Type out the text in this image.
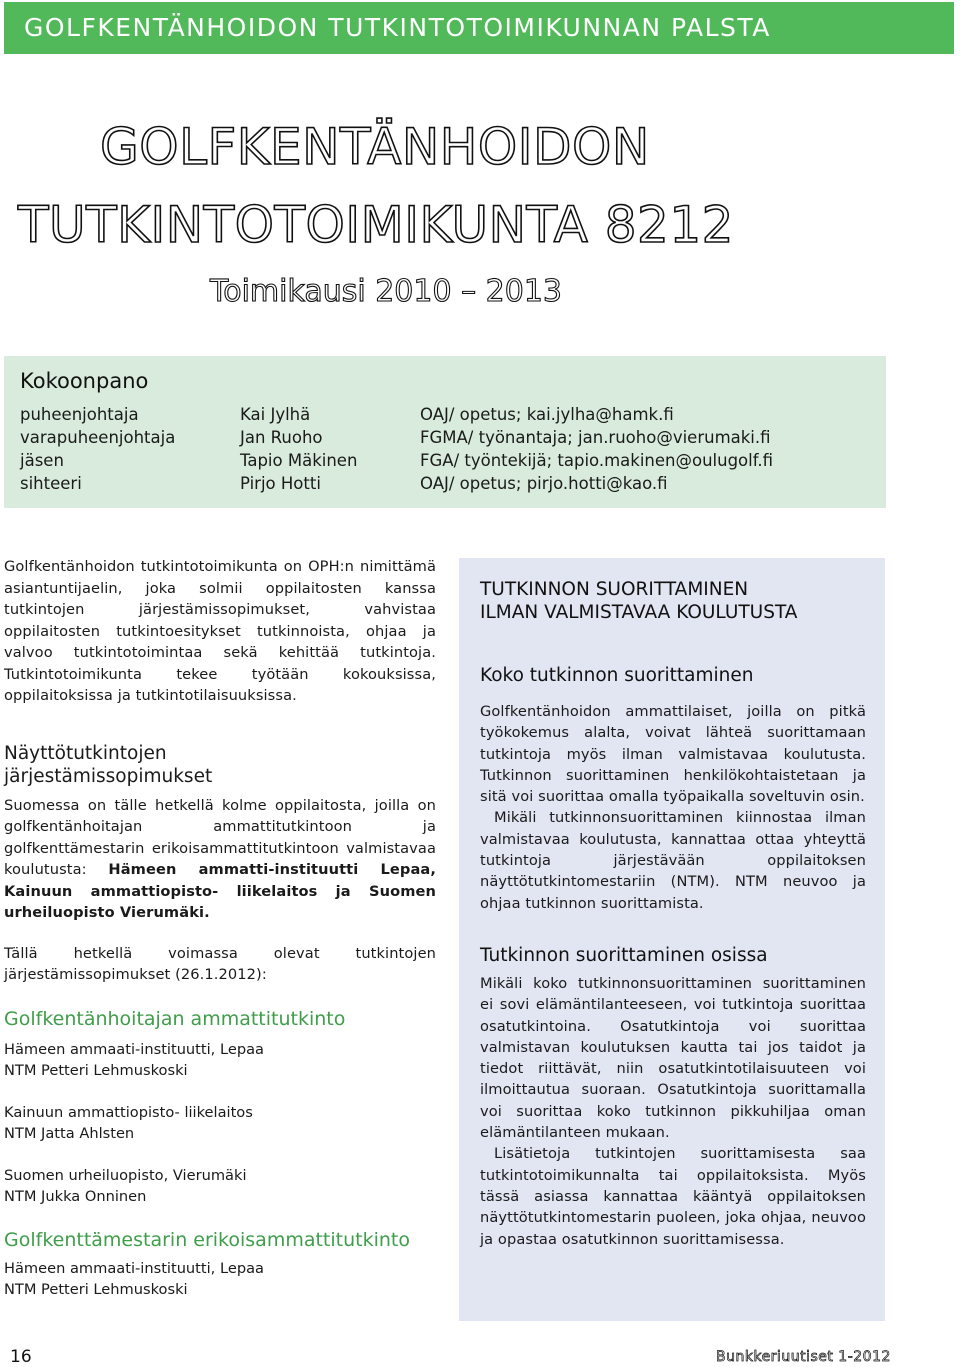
GOLFKENTÄNHOIDON TUTKINTOTOIMIKUNNAN PALSTA
GOLFKENTÄNHOIDON
TUTKINTOTOIMIKUNTA 8212
Toimikausi 2010 – 2013
Kokoonpano
puheenjohtaja	Kai Jylhä	OAJ/ opetus; kai.jylha@hamk.fi
varapuheenjohtaja	Jan Ruoho	FGMA/ työnantaja; jan.ruoho@vierumaki.fi
jäsen	Tapio Mäkinen	FGA/ työntekijä; tapio.makinen@oulugolf.fi
sihteeri	Pirjo Hotti	OAJ/ opetus; pirjo.hotti@kao.fi

Golfkentänhoidon tutkintotoimikunta on OPH:n nimittämä asiantuntijaelin, joka solmii oppilaitosten kanssa tutkintojen järjestämissopimukset, vahvistaa oppilaitosten tutkintoesitykset tutkinnoista, ohjaa ja valvoo tutkintotoimintaa sekä kehittää tutkintoja. Tutkintotoimikunta tekee työtään kokouksissa, oppilaitoksissa ja tutkintotilaisuuksissa.

Näyttötutkintojen
järjestämissopimukset

Suomessa on tälle hetkellä kolme oppilaitosta, joilla on golfkentänhoitajan ammattitutkintoon ja golfkenttämestarin erikoisammattitutkintoon valmistavaa koulutusta: Hämeen ammatti-instituutti Lepaa, Kainuun ammattiopisto- liikelaitos ja Suomen urheiluopisto Vierumäki.

Tällä hetkellä voimassa olevat tutkintojen järjestämissopimukset (26.1.2012):

Golfkentänhoitajan ammattitutkinto

Hämeen ammaati-instituutti, Lepaa

NTM Petteri Lehmuskoski

Kainuun ammattiopisto- liikelaitos

NTM Jatta Ahlsten

Suomen urheiluopisto, Vierumäki

NTM Jukka Onninen

Golfkenttämestarin erikoisammattitutkinto

Hämeen ammaati-instituutti, Lepaa

NTM Petteri Lehmuskoski

TUTKINNON SUORITTAMINEN
ILMAN VALMISTAVAA KOULUTUSTA

Koko tutkinnon suorittaminen

Golfkentänhoidon ammattilaiset, joilla on pitkä työkokemus alalta, voivat lähteä suorittamaan tutkintoja myös ilman valmistavaa koulutusta. Tutkinnon suorittaminen henkilökohtaistetaan ja sitä voi suorittaa omalla työpaikalla soveltuvin osin.

Mikäli tutkinnonsuorittaminen kiinnostaa ilman valmistavaa koulutusta, kannattaa ottaa yhteyttä tutkintoja järjestävään oppilaitoksen näyttötutkintomestariin (NTM). NTM neuvoo ja ohjaa tutkinnon suorittamista.

Tutkinnon suorittaminen osissa

Mikäli koko tutkinnonsuorittaminen suorittaminen ei sovi elämäntilanteeseen, voi tutkintoja suorittaa osatutkintoina. Osatutkintoja voi suorittaa valmistavan koulutuksen kautta tai jos taidot ja tiedot riittävät, niin osatutkintotilaisuuteen voi ilmoittautua suoraan. Osatutkintoja suorittamalla voi suorittaa koko tutkinnon pikkuhiljaa oman elämäntilanteen mukaan.

Lisätietoja tutkintojen suorittamisesta saa tutkintotoimikunnalta tai oppilaitoksista. Myös tässä asiassa kannattaa kääntyä oppilaitoksen näyttötutkintomestarin puoleen, joka ohjaa, neuvoo ja opastaa osatutkinnon suorittamisessa.

16	Bunkkeriuutiset 1-2012
